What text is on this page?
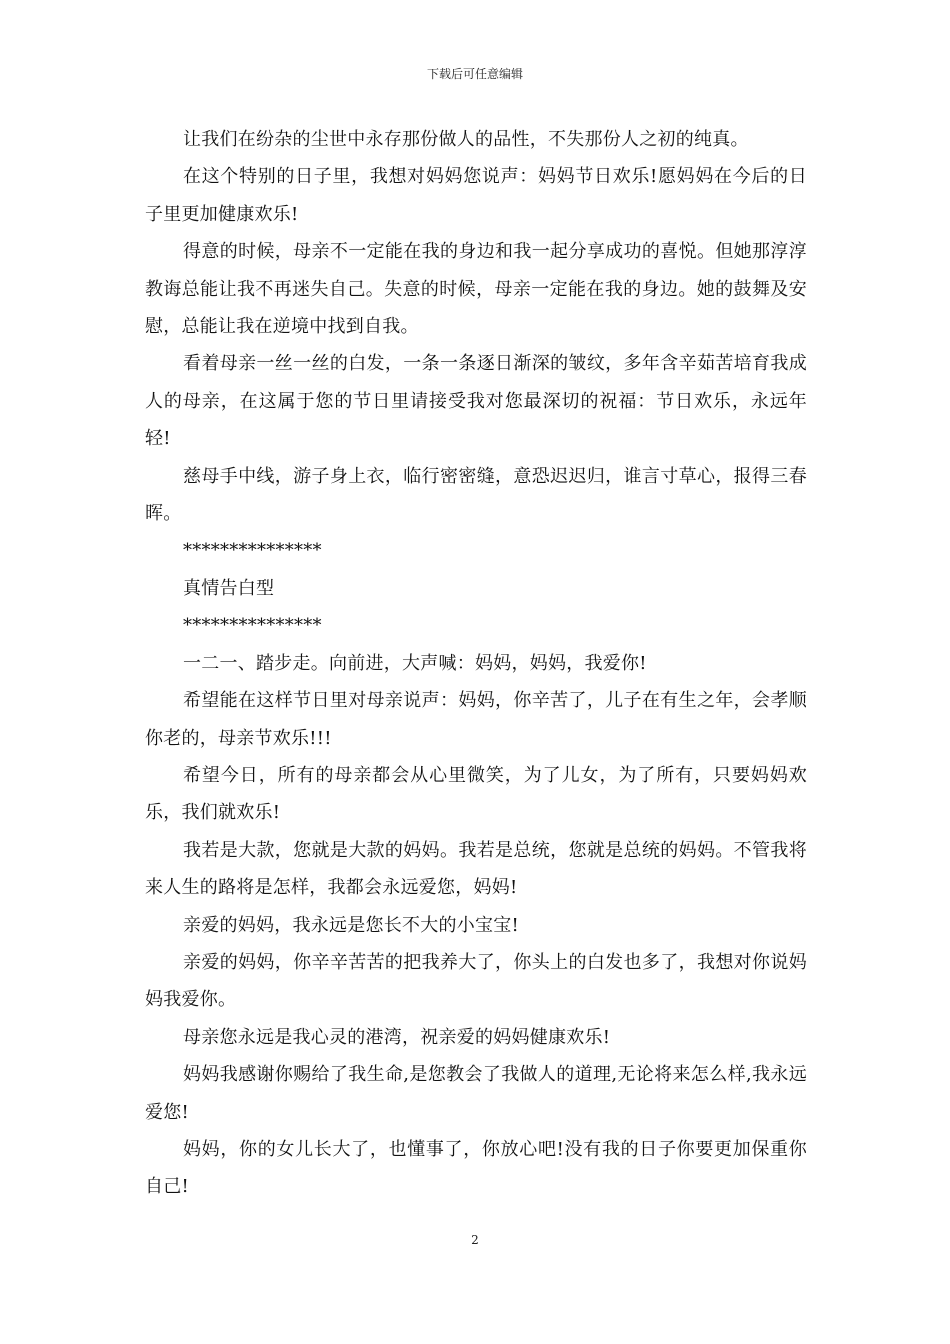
下载后可任意编辑

让我们在纷杂的尘世中永存那份做人的品性，不失那份人之初的纯真。

在这个特别的日子里，我想对妈妈您说声：妈妈节日欢乐!愿妈妈在今后的日子里更加健康欢乐!

得意的时候，母亲不一定能在我的身边和我一起分享成功的喜悦。但她那淳淳教诲总能让我不再迷失自己。失意的时候，母亲一定能在我的身边。她的鼓舞及安慰，总能让我在逆境中找到自我。

看着母亲一丝一丝的白发，一条一条逐日渐深的皱纹，多年含辛茹苦培育我成人的母亲，在这属于您的节日里请接受我对您最深切的祝福：节日欢乐，永远年轻!

慈母手中线，游子身上衣，临行密密缝，意恐迟迟归，谁言寸草心，报得三春晖。

***************

真情告白型

***************

一二一、踏步走。向前进，大声喊：妈妈，妈妈，我爱你!

希望能在这样节日里对母亲说声：妈妈，你辛苦了，儿子在有生之年，会孝顺你老的，母亲节欢乐!!!

希望今日，所有的母亲都会从心里微笑，为了儿女，为了所有，只要妈妈欢乐，我们就欢乐!

我若是大款，您就是大款的妈妈。我若是总统，您就是总统的妈妈。不管我将来人生的路将是怎样，我都会永远爱您，妈妈!

亲爱的妈妈，我永远是您长不大的小宝宝!

亲爱的妈妈，你辛辛苦苦的把我养大了，你头上的白发也多了，我想对你说妈妈我爱你。

母亲您永远是我心灵的港湾，祝亲爱的妈妈健康欢乐!

妈妈我感谢你赐给了我生命,是您教会了我做人的道理,无论将来怎么样,我永远爱您!

妈妈，你的女儿长大了，也懂事了，你放心吧!没有我的日子你要更加保重你自己!

2
